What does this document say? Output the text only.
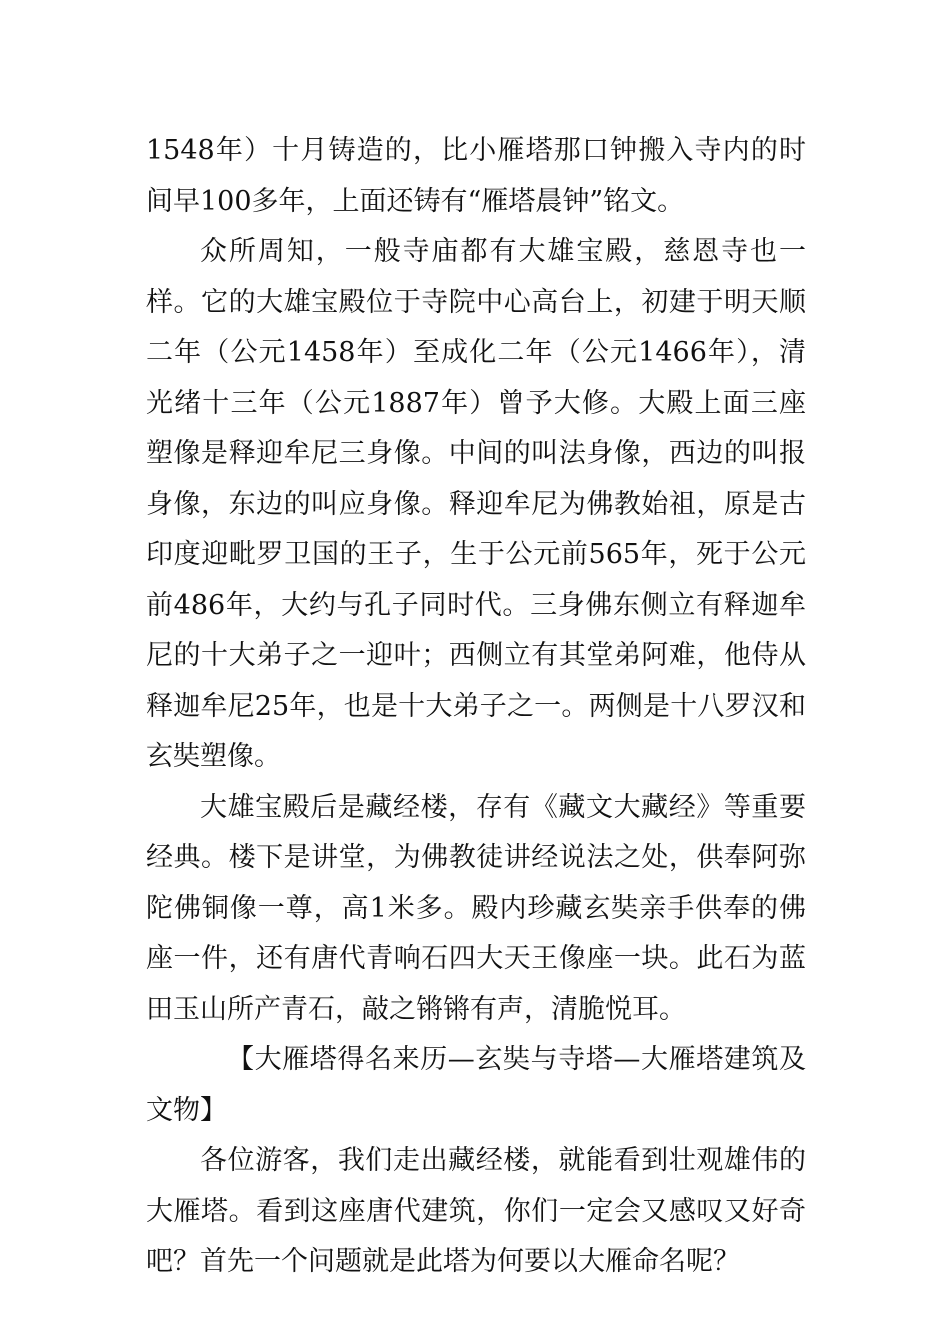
1548年）十月铸造的，比小雁塔那口钟搬入寺内的时间早100多年，上面还铸有“雁塔晨钟”铭文。

众所周知，一般寺庙都有大雄宝殿，慈恩寺也一样。它的大雄宝殿位于寺院中心高台上，初建于明天顺二年（公元1458年）至成化二年（公元1466年），清光绪十三年（公元1887年）曾予大修。大殿上面三座塑像是释迎牟尼三身像。中间的叫法身像，西边的叫报身像，东边的叫应身像。释迎牟尼为佛教始祖，原是古印度迎毗罗卫国的王子，生于公元前565年，死于公元前486年，大约与孔子同时代。三身佛东侧立有释迦牟尼的十大弟子之一迎叶；西侧立有其堂弟阿难，他侍从释迦牟尼25年，也是十大弟子之一。两侧是十八罗汉和玄奘塑像。

大雄宝殿后是藏经楼，存有《藏文大藏经》等重要经典。楼下是讲堂，为佛教徒讲经说法之处，供奉阿弥陀佛铜像一尊，高1米多。殿内珍藏玄奘亲手供奉的佛座一件，还有唐代青响石四大天王像座一块。此石为蓝田玉山所产青石，敲之锵锵有声，清脆悦耳。

【大雁塔得名来历—玄奘与寺塔—大雁塔建筑及文物】

各位游客，我们走出藏经楼，就能看到壮观雄伟的大雁塔。看到这座唐代建筑，你们一定会又感叹又好奇吧？首先一个问题就是此塔为何要以大雁命名呢？
